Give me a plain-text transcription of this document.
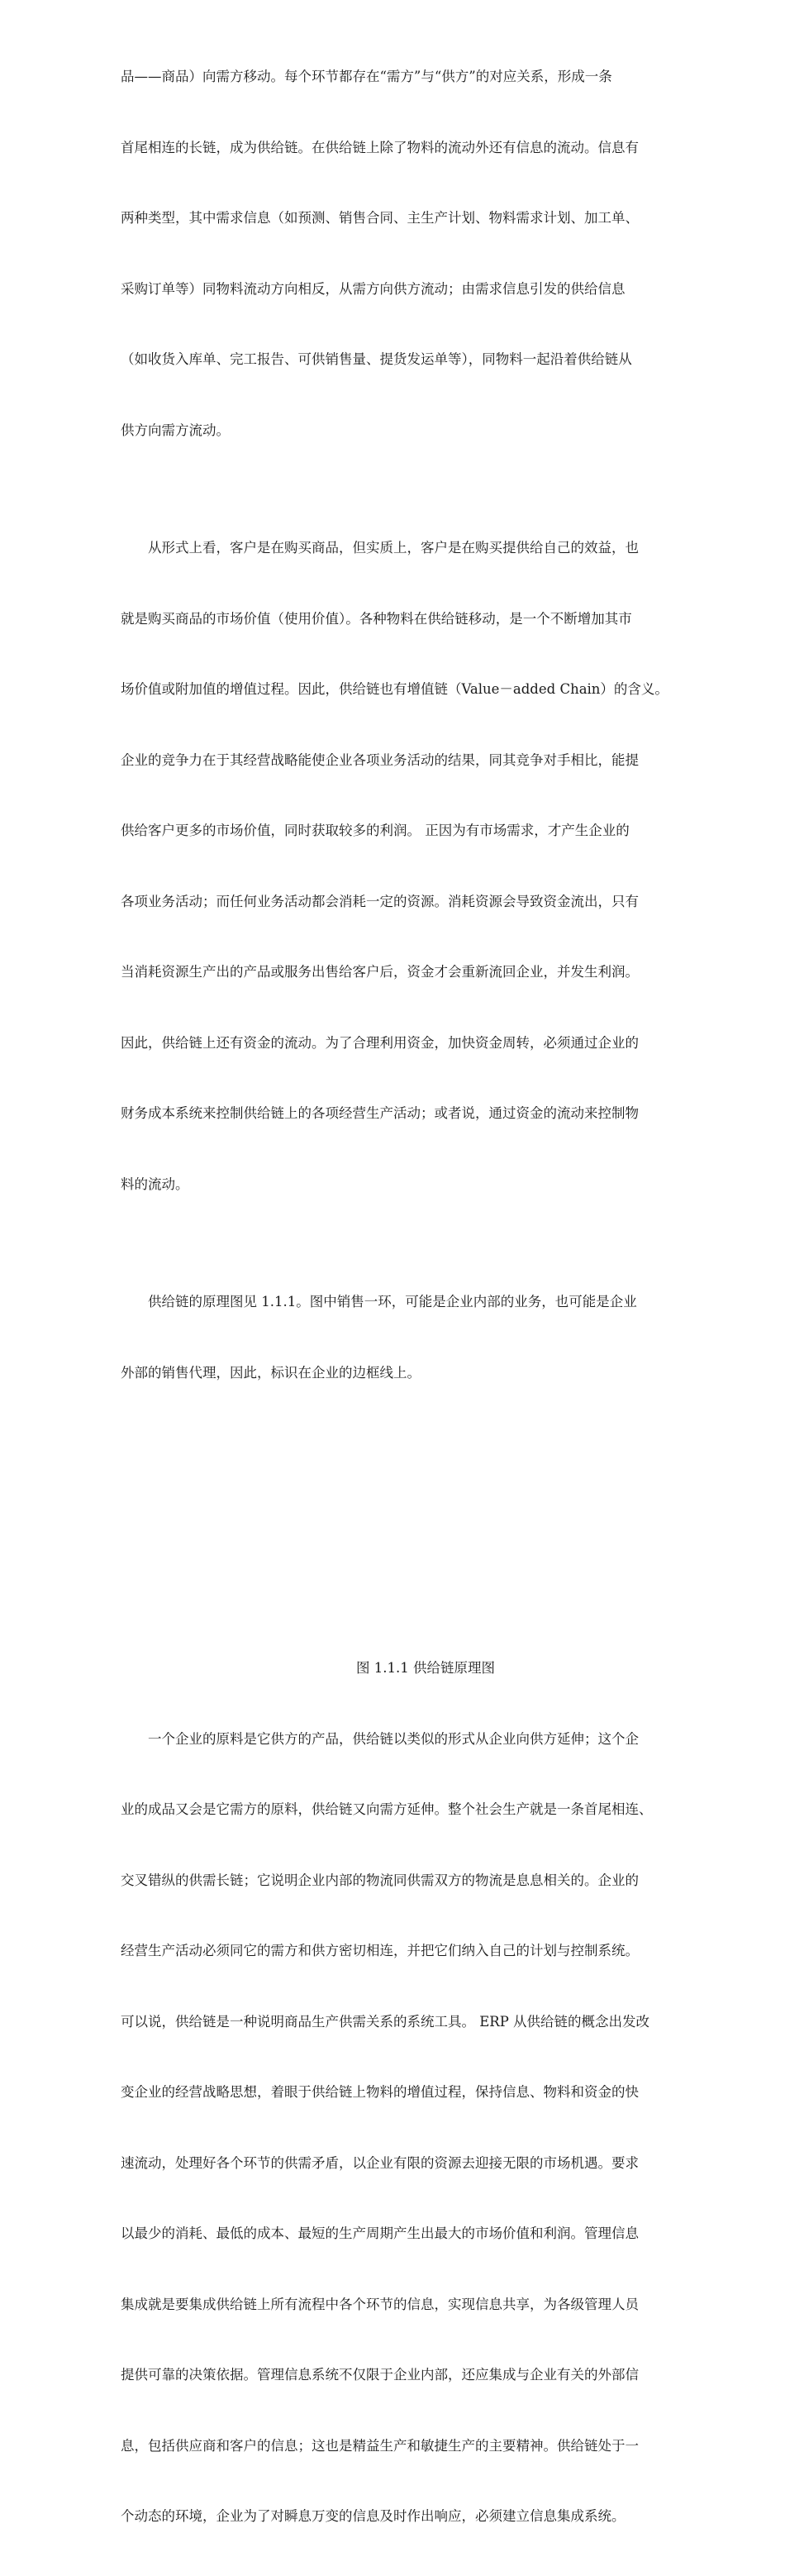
品——商品）向需方移动。每个环节都存在“需方”与“供方”的对应关系，形成一条

首尾相连的长链，成为供给链。在供给链上除了物料的流动外还有信息的流动。信息有

两种类型，其中需求信息（如预测、销售合同、主生产计划、物料需求计划、加工单、

采购订单等）同物料流动方向相反，从需方向供方流动；由需求信息引发的供给信息

（如收货入库单、完工报告、可供销售量、提货发运单等），同物料一起沿着供给链从

供方向需方流动。

　　从形式上看，客户是在购买商品，但实质上，客户是在购买提供给自己的效益，也

就是购买商品的市场价值（使用价值）。各种物料在供给链移动，是一个不断增加其市

场价值或附加值的增值过程。因此，供给链也有增值链（Value－added Chain）的含义。

企业的竞争力在于其经营战略能使企业各项业务活动的结果，同其竞争对手相比，能提

供给客户更多的市场价值，同时获取较多的利润。 正因为有市场需求，才产生企业的

各项业务活动；而任何业务活动都会消耗一定的资源。消耗资源会导致资金流出，只有

当消耗资源生产出的产品或服务出售给客户后，资金才会重新流回企业，并发生利润。

因此，供给链上还有资金的流动。为了合理利用资金，加快资金周转，必须通过企业的

财务成本系统来控制供给链上的各项经营生产活动；或者说，通过资金的流动来控制物

料的流动。

　　供给链的原理图见 1.1.1。图中销售一环，可能是企业内部的业务，也可能是企业

外部的销售代理，因此，标识在企业的边框线上。

图 1.1.1 供给链原理图

　　一个企业的原料是它供方的产品，供给链以类似的形式从企业向供方延伸；这个企

业的成品又会是它需方的原料，供给链又向需方延伸。整个社会生产就是一条首尾相连、

交叉错纵的供需长链；它说明企业内部的物流同供需双方的物流是息息相关的。企业的

经营生产活动必须同它的需方和供方密切相连，并把它们纳入自己的计划与控制系统。

可以说，供给链是一种说明商品生产供需关系的系统工具。 ERP 从供给链的概念出发改

变企业的经营战略思想，着眼于供给链上物料的增值过程，保持信息、物料和资金的快

速流动，处理好各个环节的供需矛盾，以企业有限的资源去迎接无限的市场机遇。要求

以最少的消耗、最低的成本、最短的生产周期产生出最大的市场价值和利润。管理信息

集成就是要集成供给链上所有流程中各个环节的信息，实现信息共享，为各级管理人员

提供可靠的决策依据。管理信息系统不仅限于企业内部，还应集成与企业有关的外部信

息，包括供应商和客户的信息；这也是精益生产和敏捷生产的主要精神。供给链处于一

个动态的环境，企业为了对瞬息万变的信息及时作出响应，必须建立信息集成系统。
